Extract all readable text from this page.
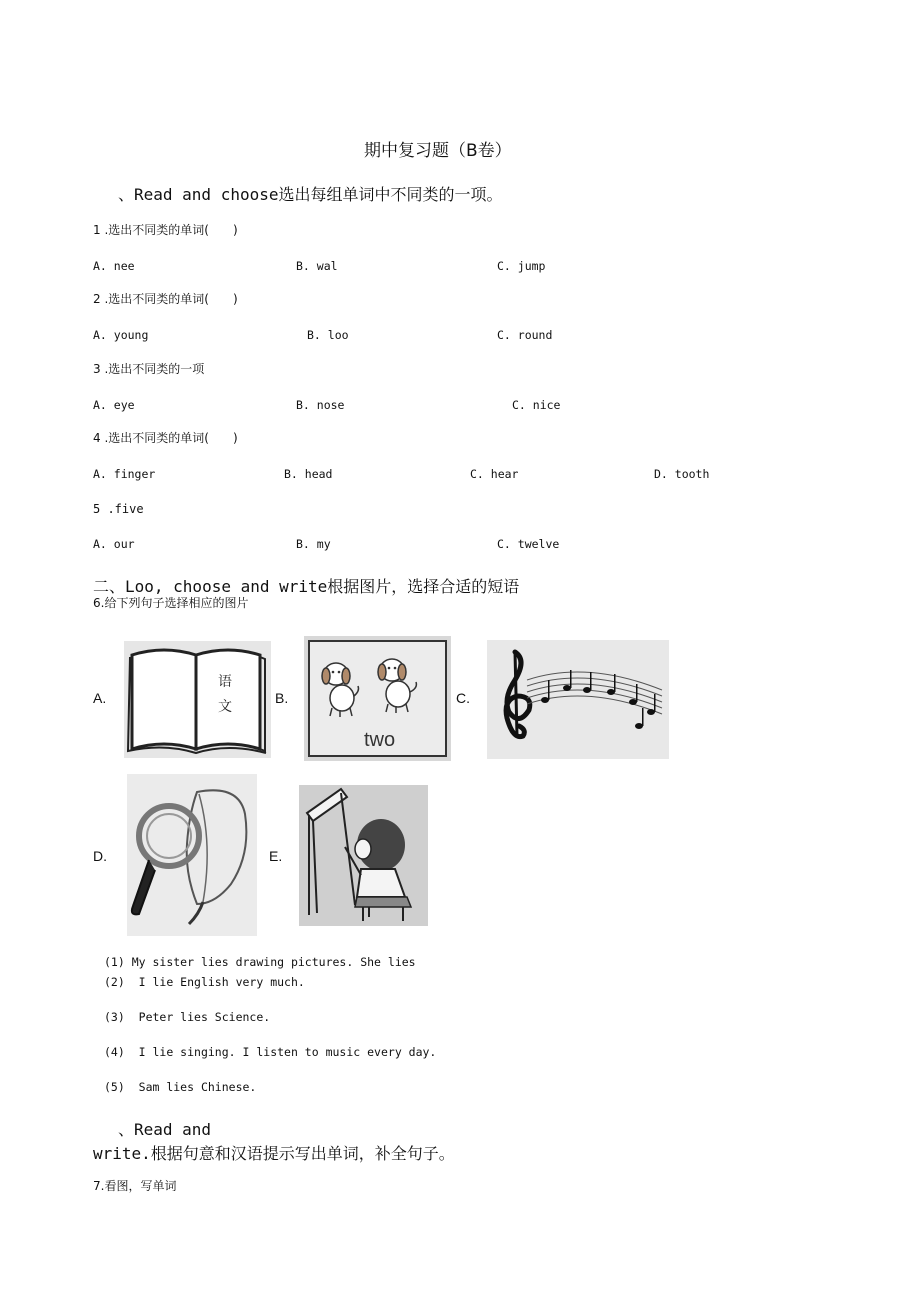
期中复习题（B卷）
、Read and choose选出每组单词中不同类的一项。
1 .选出不同类的单词(　　)
A. nee	B. wal	C. jump
2 .选出不同类的单词(　　)
A. young	B. loo	C. round
3 .选出不同类的一项
A. eye	B. nose	C. nice
4 .选出不同类的单词(　　)
A. finger	B. head	C. hear	D. tooth
5 .five
A. our	B. my	C. twelve
二、Loo, choose and write根据图片，选择合适的短语
6.给下列句子选择相应的图片
A.	B.	C.
D.	E.
语
文
two
(1) My sister lies drawing pictures. She lies
(2) I lie English very much.
(3) Peter lies Science.
(4) I lie singing. I listen to music every day.
(5) Sam lies Chinese.
、Read and
write.根据句意和汉语提示写出单词，补全句子。
7.看图，写单词
